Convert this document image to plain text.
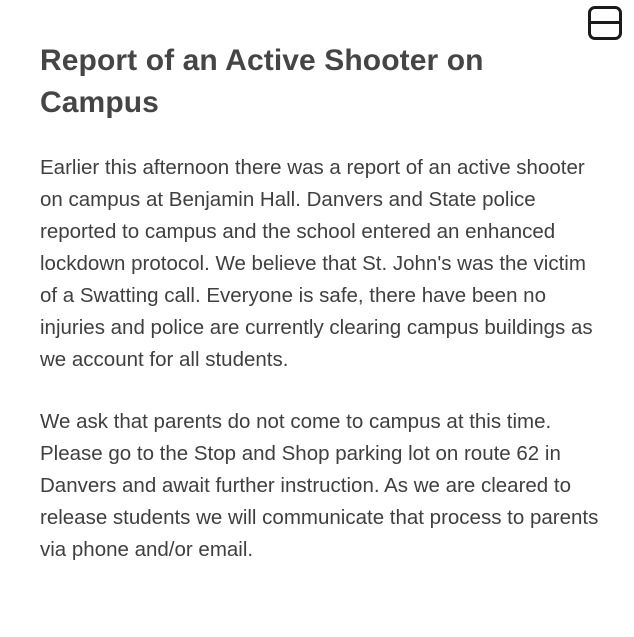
Report of an Active Shooter on Campus

Earlier this afternoon there was a report of an active shooter on campus at Benjamin Hall. Danvers and State police reported to campus and the school entered an enhanced lockdown protocol. We believe that St. John's was the victim of a Swatting call. Everyone is safe, there have been no injuries and police are currently clearing campus buildings as we account for all students.

We ask that parents do not come to campus at this time. Please go to the Stop and Shop parking lot on route 62 in Danvers and await further instruction. As we are cleared to release students we will communicate that process to parents via phone and/or email.
